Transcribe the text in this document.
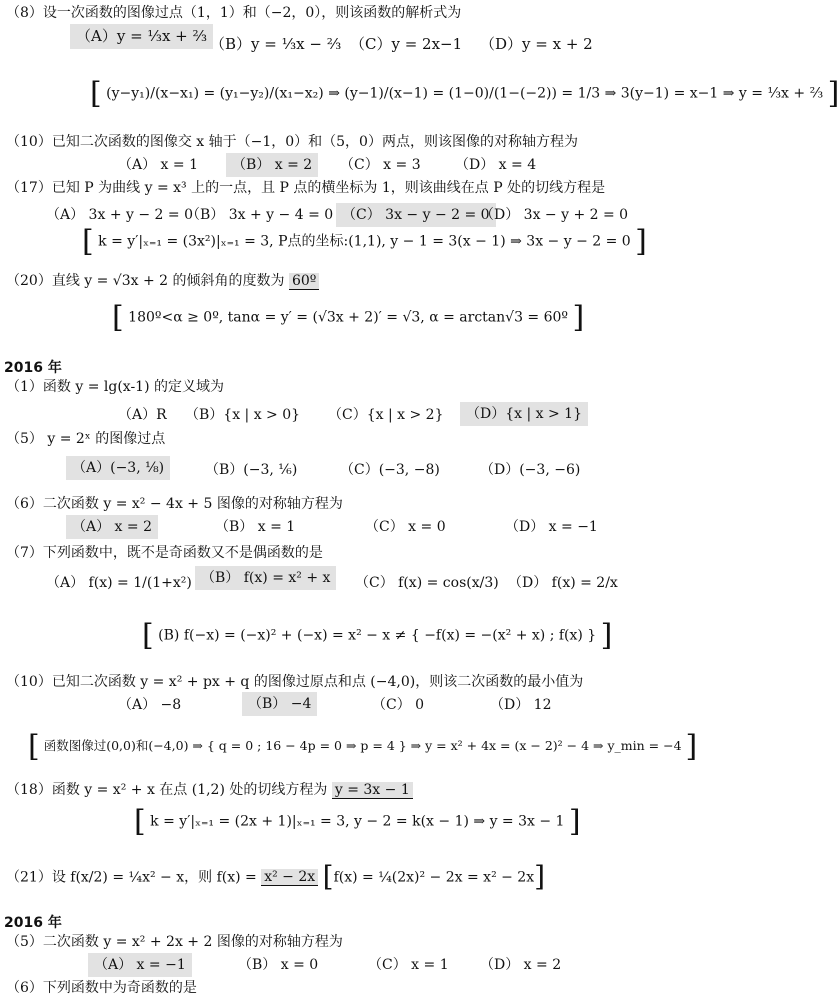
（8）设一次函数的图像过点（1，1）和（−2，0），则该函数的解析式为
（A）y = ⅓x + ⅔ （B）y = ⅓x − ⅔ （C）y = 2x−1 （D）y = x + 2
[ (y−y₁)/(x−x₁) = (y₁−y₂)/(x₁−x₂) ⇒ (y−1)/(x−1) = (1−0)/(1−(−2)) = 1/3 ⇒ 3(y−1) = x−1 ⇒ y = ⅓x + ⅔ ]
（10）已知二次函数的图像交 x 轴于（−1，0）和（5，0）两点，则该图像的对称轴方程为
（A） x = 1	（B） x = 2	（C） x = 3 （D） x = 4
（17）已知 P 为曲线 y = x³ 上的一点，且 P 点的横坐标为 1，则该曲线在点 P 处的切线方程是
（A） 3x + y − 2 = 0
（B） 3x + y − 4 = 0 （C） 3x − y − 2 = 0
（D） 3x − y + 2 = 0
[ k = y′|ₓ₌₁ = (3x²)|ₓ₌₁ = 3, P点的坐标:(1,1), y − 1 = 3(x − 1) ⇒ 3x − y − 2 = 0 ]
（20）直线 y = √3x + 2 的倾斜角的度数为 60º
[ 180º<α ≥ 0º, tanα = y′ = (√3x + 2)′ = √3, α = arctan√3 = 60º ]
2016 年
（1）函数 y = lg(x-1) 的定义域为
（A）R （B）{x | x > 0} （C）{x | x > 2}	（D）{x | x > 1}
（5） y = 2ˣ 的图像过点
（A）(−3, ⅛)	（B）(−3, ⅙)	（C）(−3, −8)	（D）(−3, −6)
（6）二次函数 y = x² − 4x + 5 图像的对称轴方程为
（A） x = 2	（B） x = 1	（C） x = 0	（D） x = −1
（7）下列函数中，既不是奇函数又不是偶函数的是
（A） f(x) = 1/(1+x²) （B） f(x) = x² + x	（C） f(x) = cos(x/3) （D） f(x) = 2/x
[ (B) f(−x) = (−x)² + (−x) = x² − x ≠ { −f(x) = −(x² + x) ; f(x) } ]
（10）已知二次函数 y = x² + px + q 的图像过原点和点 (−4,0)，则该二次函数的最小值为
（A） −8	（B） −4	（C） 0	（D） 12
[ 函数图像过(0,0)和(−4,0) ⇒ { q = 0 ; 16 − 4p = 0 ⇒ p = 4 } ⇒ y = x² + 4x = (x − 2)² − 4 ⇒ y_min = −4 ]
（18）函数 y = x² + x 在点 (1,2) 处的切线方程为 y = 3x − 1
[ k = y′|ₓ₌₁ = (2x + 1)|ₓ₌₁ = 3, y − 2 = k(x − 1) ⇒ y = 3x − 1 ]
（21）设 f(x/2) = ¼x² − x，则 f(x) = x² − 2x [f(x) = ¼(2x)² − 2x = x² − 2x]
2016 年
（5）二次函数 y = x² + 2x + 2 图像的对称轴方程为
（A） x = −1	（B） x = 0	（C） x = 1 （D） x = 2
（6）下列函数中为奇函数的是
